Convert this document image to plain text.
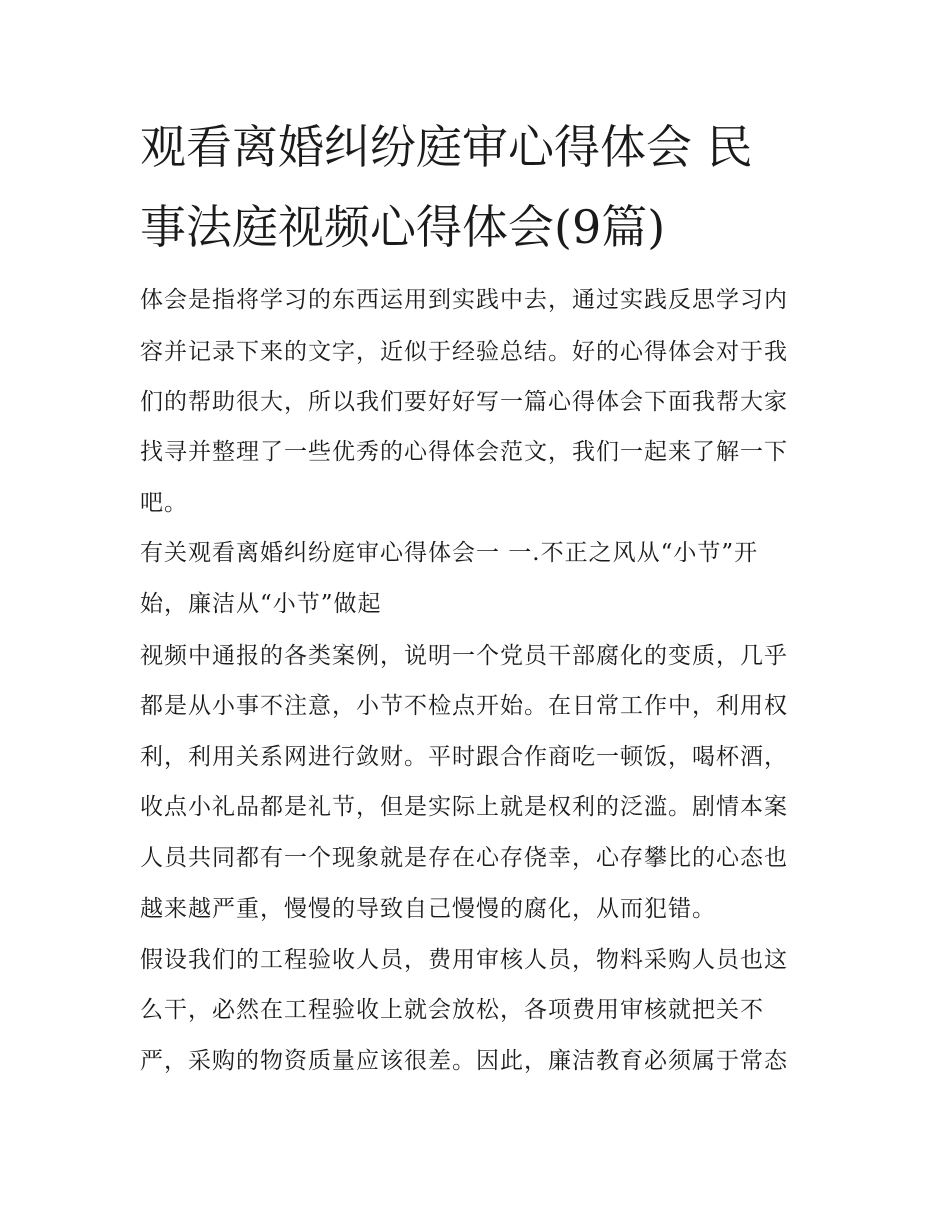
观看离婚纠纷庭审心得体会 民
事法庭视频心得体会(9篇)
体会是指将学习的东西运用到实践中去，通过实践反思学习内
容并记录下来的文字，近似于经验总结。好的心得体会对于我
们的帮助很大，所以我们要好好写一篇心得体会下面我帮大家
找寻并整理了一些优秀的心得体会范文，我们一起来了解一下
吧。
有关观看离婚纠纷庭审心得体会一 一.不正之风从“小节”开
始，廉洁从“小节”做起
视频中通报的各类案例，说明一个党员干部腐化的变质，几乎
都是从小事不注意，小节不检点开始。在日常工作中，利用权
利，利用关系网进行敛财。平时跟合作商吃一顿饭，喝杯酒，
收点小礼品都是礼节，但是实际上就是权利的泛滥。剧情本案
人员共同都有一个现象就是存在心存侥幸，心存攀比的心态也
越来越严重，慢慢的导致自己慢慢的腐化，从而犯错。
假设我们的工程验收人员，费用审核人员，物料采购人员也这
么干，必然在工程验收上就会放松，各项费用审核就把关不
严，采购的物资质量应该很差。因此，廉洁教育必须属于常态
